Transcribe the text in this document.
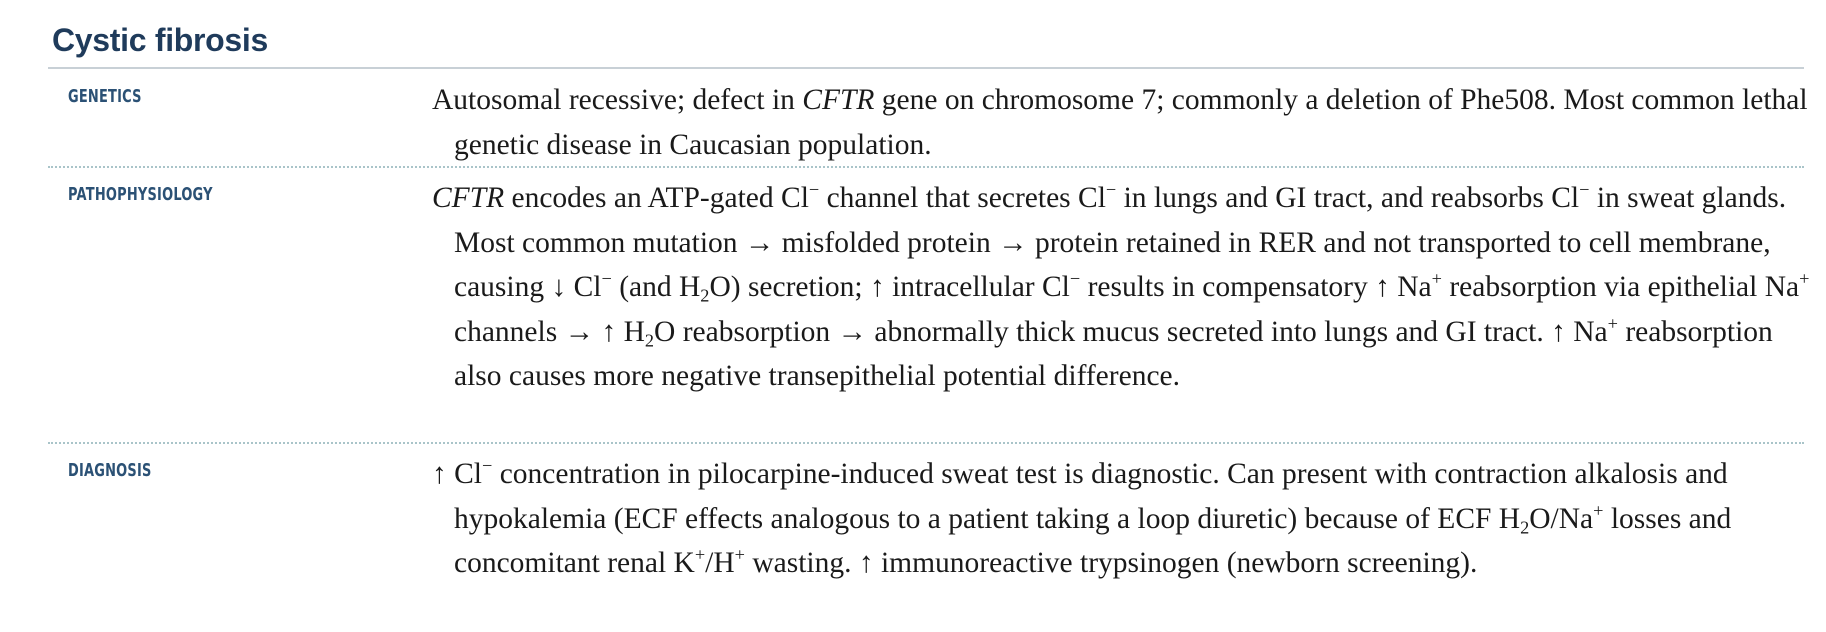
Cystic fibrosis
GENETICS	Autosomal recessive; defect in CFTR gene on chromosome 7; commonly a deletion of Phe508. Most common lethal genetic disease in Caucasian population.
PATHOPHYSIOLOGY	CFTR encodes an ATP-gated Cl− channel that secretes Cl− in lungs and GI tract, and reabsorbs Cl− in sweat glands. Most common mutation → misfolded protein → protein retained in RER and not transported to cell membrane, causing ↓ Cl− (and $H_2O$) secretion; ↑ intracellular Cl− results in compensatory ↑ Na+ reabsorption via epithelial Na+ channels → ↑ $H_2O$ reabsorption → abnormally thick mucus secreted into lungs and GI tract. ↑ Na+ reabsorption also causes more negative transepithelial potential difference.
DIAGNOSIS	↑ Cl− concentration in pilocarpine-induced sweat test is diagnostic. Can present with contraction alkalosis and hypokalemia (ECF effects analogous to a patient taking a loop diuretic) because of ECF $H_2O/Na^+$ losses and concomitant renal K+/H+ wasting. ↑ immunoreactive trypsinogen (newborn screening).
